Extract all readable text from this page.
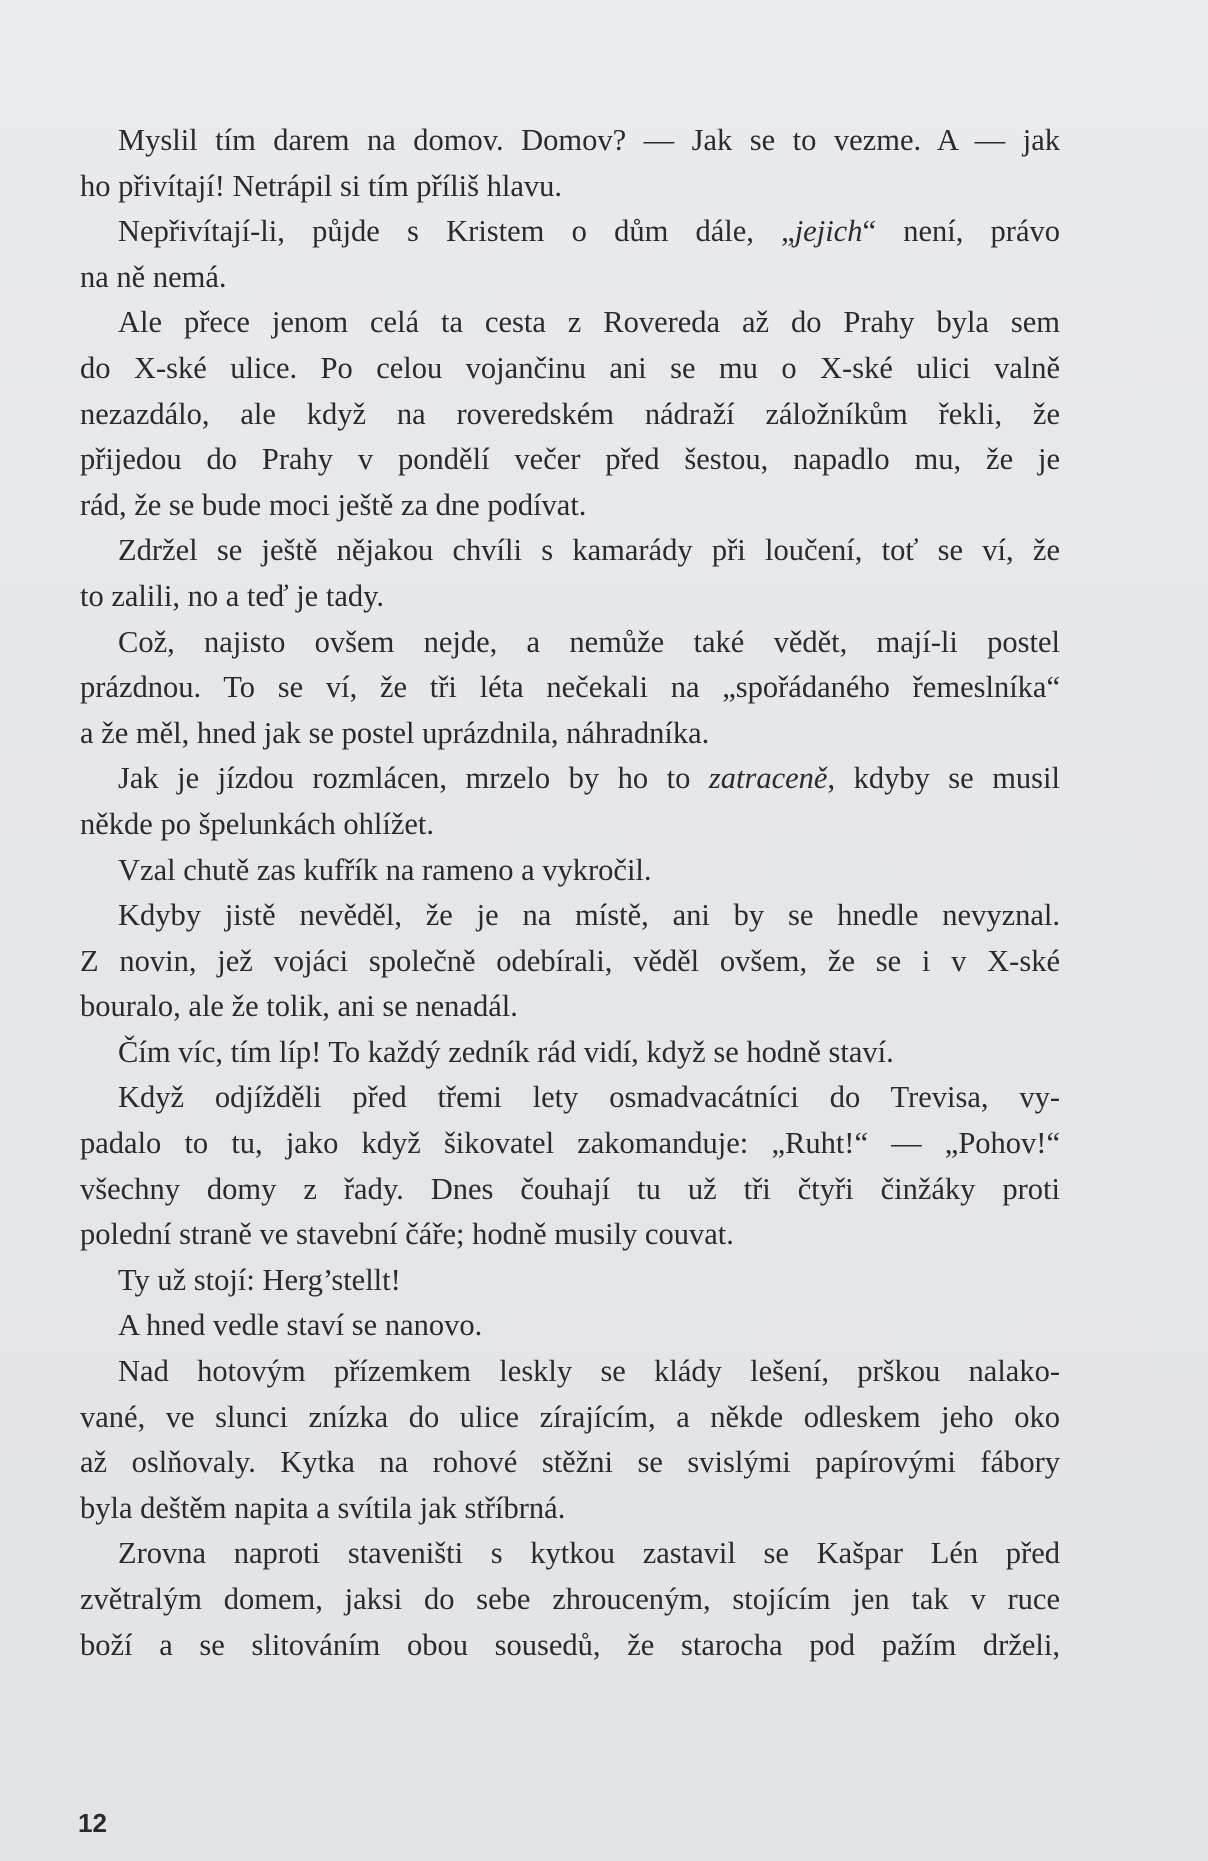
Myslil tím darem na domov. Domov? — Jak se to vezme. A — jak
ho přivítají! Netrápil si tím příliš hlavu.
Nepřivítají-li, půjde s Kristem o dům dále, „jejich“ není, právo
na ně nemá.
Ale přece jenom celá ta cesta z Rovereda až do Prahy byla sem
do X-ské ulice. Po celou vojančinu ani se mu o X-ské ulici valně
nezazdálo, ale když na roveredském nádraží záložníkům řekli, že
přijedou do Prahy v pondělí večer před šestou, napadlo mu, že je
rád, že se bude moci ještě za dne podívat.
Zdržel se ještě nějakou chvíli s kamarády při loučení, toť se ví, že
to zalili, no a teď je tady.
Což, najisto ovšem nejde, a nemůže také vědět, mají-li postel
prázdnou. To se ví, že tři léta nečekali na „spořádaného řemeslníka“
a že měl, hned jak se postel uprázdnila, náhradníka.
Jak je jízdou rozmlácen, mrzelo by ho to zatraceně, kdyby se musil
někde po špelunkách ohlížet.
Vzal chutě zas kufřík na rameno a vykročil.
Kdyby jistě nevěděl, že je na místě, ani by se hnedle nevyznal.
Z novin, jež vojáci společně odebírali, věděl ovšem, že se i v X-ské
bouralo, ale že tolik, ani se nenadál.
Čím víc, tím líp! To každý zedník rád vidí, když se hodně staví.
Když odjížděli před třemi lety osmadvacátníci do Trevisa, vy-
padalo to tu, jako když šikovatel zakomanduje: „Ruht!“ — „Pohov!“
všechny domy z řady. Dnes čouhají tu už tři čtyři činžáky proti
polední straně ve stavební čáře; hodně musily couvat.
Ty už stojí: Herg’stellt!
A hned vedle staví se nanovo.
Nad hotovým přízemkem leskly se klády lešení, prškou nalako-
vané, ve slunci znízka do ulice zírajícím, a někde odleskem jeho oko
až oslňovaly. Kytka na rohové stěžni se svislými papírovými fábory
byla deštěm napita a svítila jak stříbrná.
Zrovna naproti staveništi s kytkou zastavil se Kašpar Lén před
zvětralým domem, jaksi do sebe zhrouceným, stojícím jen tak v ruce
boží a se slitováním obou sousedů, že starocha pod pažím drželi,
12
